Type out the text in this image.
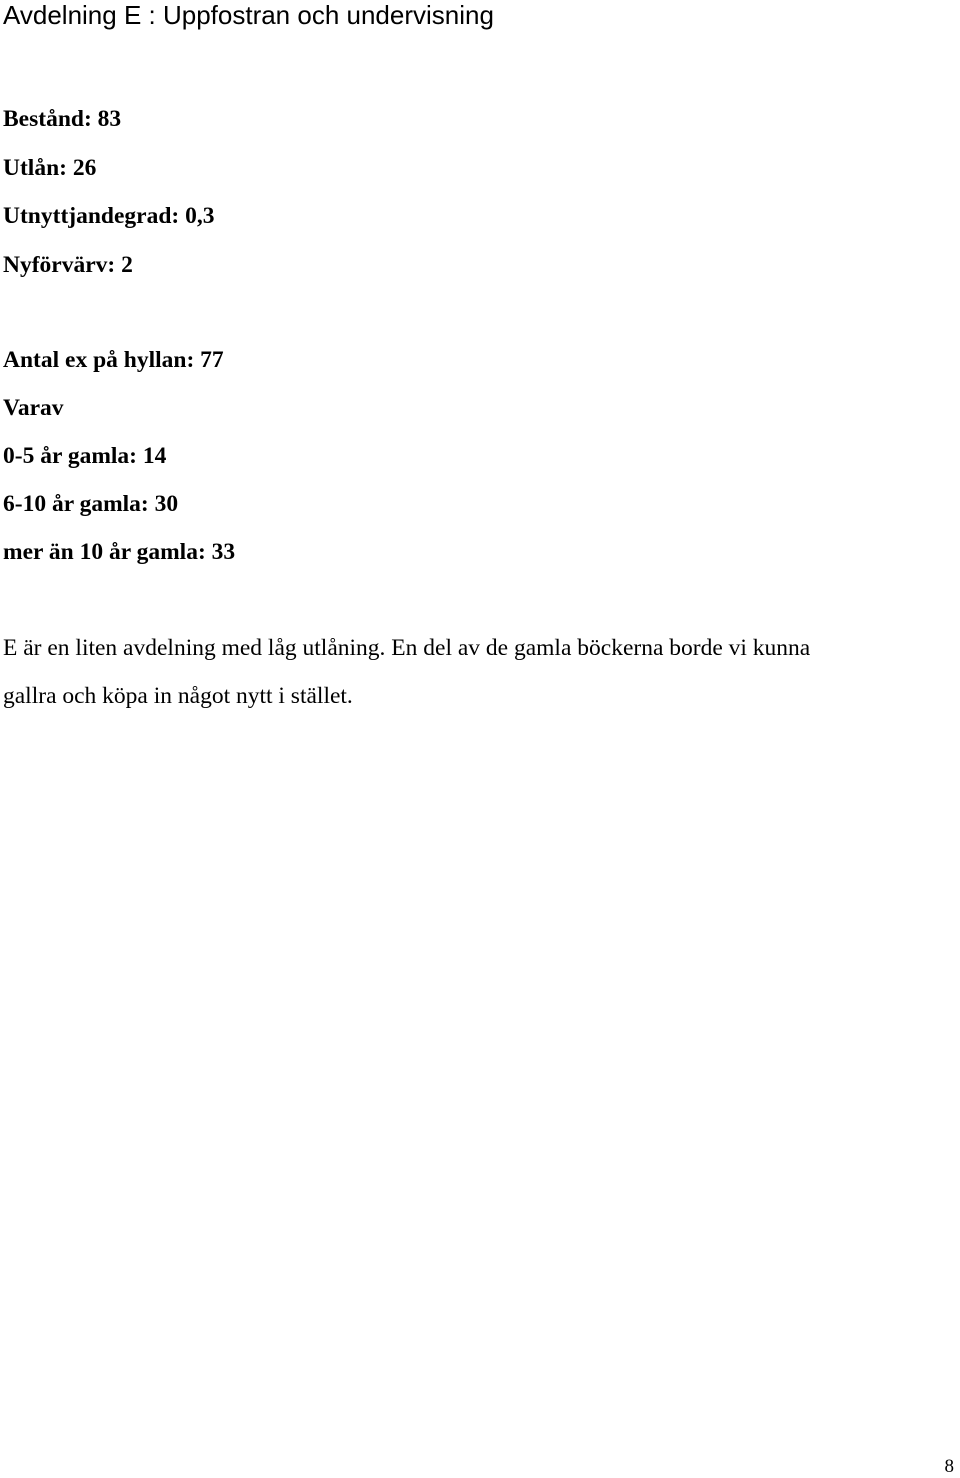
Avdelning E : Uppfostran och undervisning

Bestånd: 83

Utlån: 26

Utnyttjandegrad: 0,3

Nyförvärv: 2

Antal ex på hyllan: 77

Varav

0-5 år gamla: 14

6-10 år gamla: 30

mer än 10 år gamla: 33

E är en liten avdelning med låg utlåning. En del av de gamla böckerna borde vi kunna

gallra och köpa in något nytt i stället.

8
